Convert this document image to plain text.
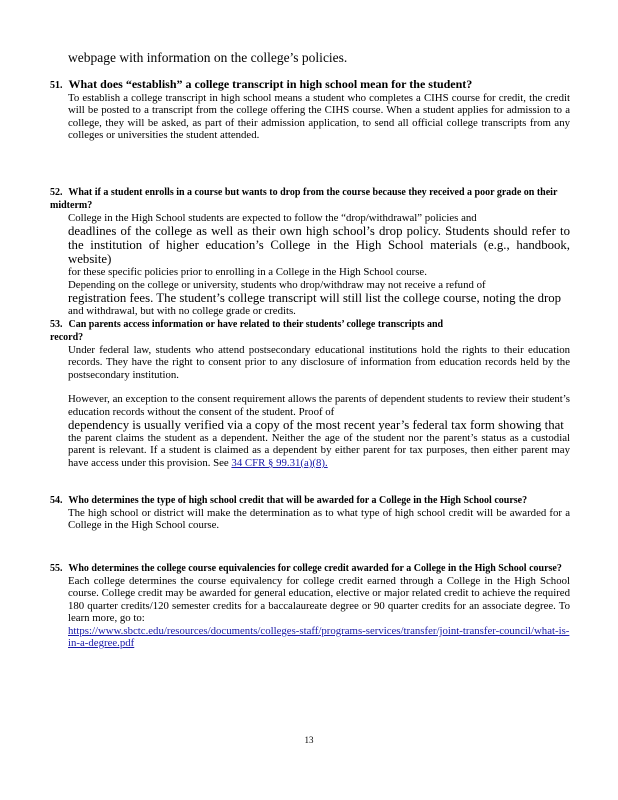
webpage with information on the college’s policies.
51. What does “establish” a college transcript in high school mean for the student?

To establish a college transcript in high school means a student who completes a CIHS course for credit, the credit will be posted to a transcript from the college offering the CIHS course. When a student applies for admission to a college, they will be asked, as part of their admission application, to send all official college transcripts from any colleges or universities the student attended.

52. What if a student enrolls in a course but wants to drop from the course because they received a poor grade on their midterm?

College in the High School students are expected to follow the “drop/withdrawal” policies and

deadlines of the college as well as their own high school’s drop policy. Students should refer to the institution of higher education’s College in the High School materials (e.g., handbook, website)

for these specific policies prior to enrolling in a College in the High School course.

Depending on the college or university, students who drop/withdraw may not receive a refund of

registration fees. The student’s college transcript will still list the college course, noting the drop

and withdrawal, but with no college grade or credits.

53. Can parents access information or have related to their students’ college transcripts and
record?

Under federal law, students who attend postsecondary educational institutions hold the rights to their education records. They have the right to consent prior to any disclosure of information from education records held by the postsecondary institution.

However, an exception to the consent requirement allows the parents of dependent students to review their student’s education records without the consent of the student. Proof of

dependency is usually verified via a copy of the most recent year’s federal tax form showing that

the parent claims the student as a dependent. Neither the age of the student nor the parent’s status as a custodial parent is relevant. If a student is claimed as a dependent by either parent for tax purposes, then either parent may have access under this provision. See 34 CFR § 99.31(a)(8).

54. Who determines the type of high school credit that will be awarded for a College in the High School course?

The high school or district will make the determination as to what type of high school credit will be awarded for a College in the High School course.

55. Who determines the college course equivalencies for college credit awarded for a College in the High School course?

Each college determines the course equivalency for college credit earned through a College in the High School course. College credit may be awarded for general education, elective or major related credit to achieve the required 180 quarter credits/120 semester credits for a baccalaureate degree or 90 quarter credits for an associate degree. To learn more, go to:

https://www.sbctc.edu/resources/documents/colleges-staff/programs-services/transfer/joint-transfer-council/what-is-in-a-degree.pdf

13
